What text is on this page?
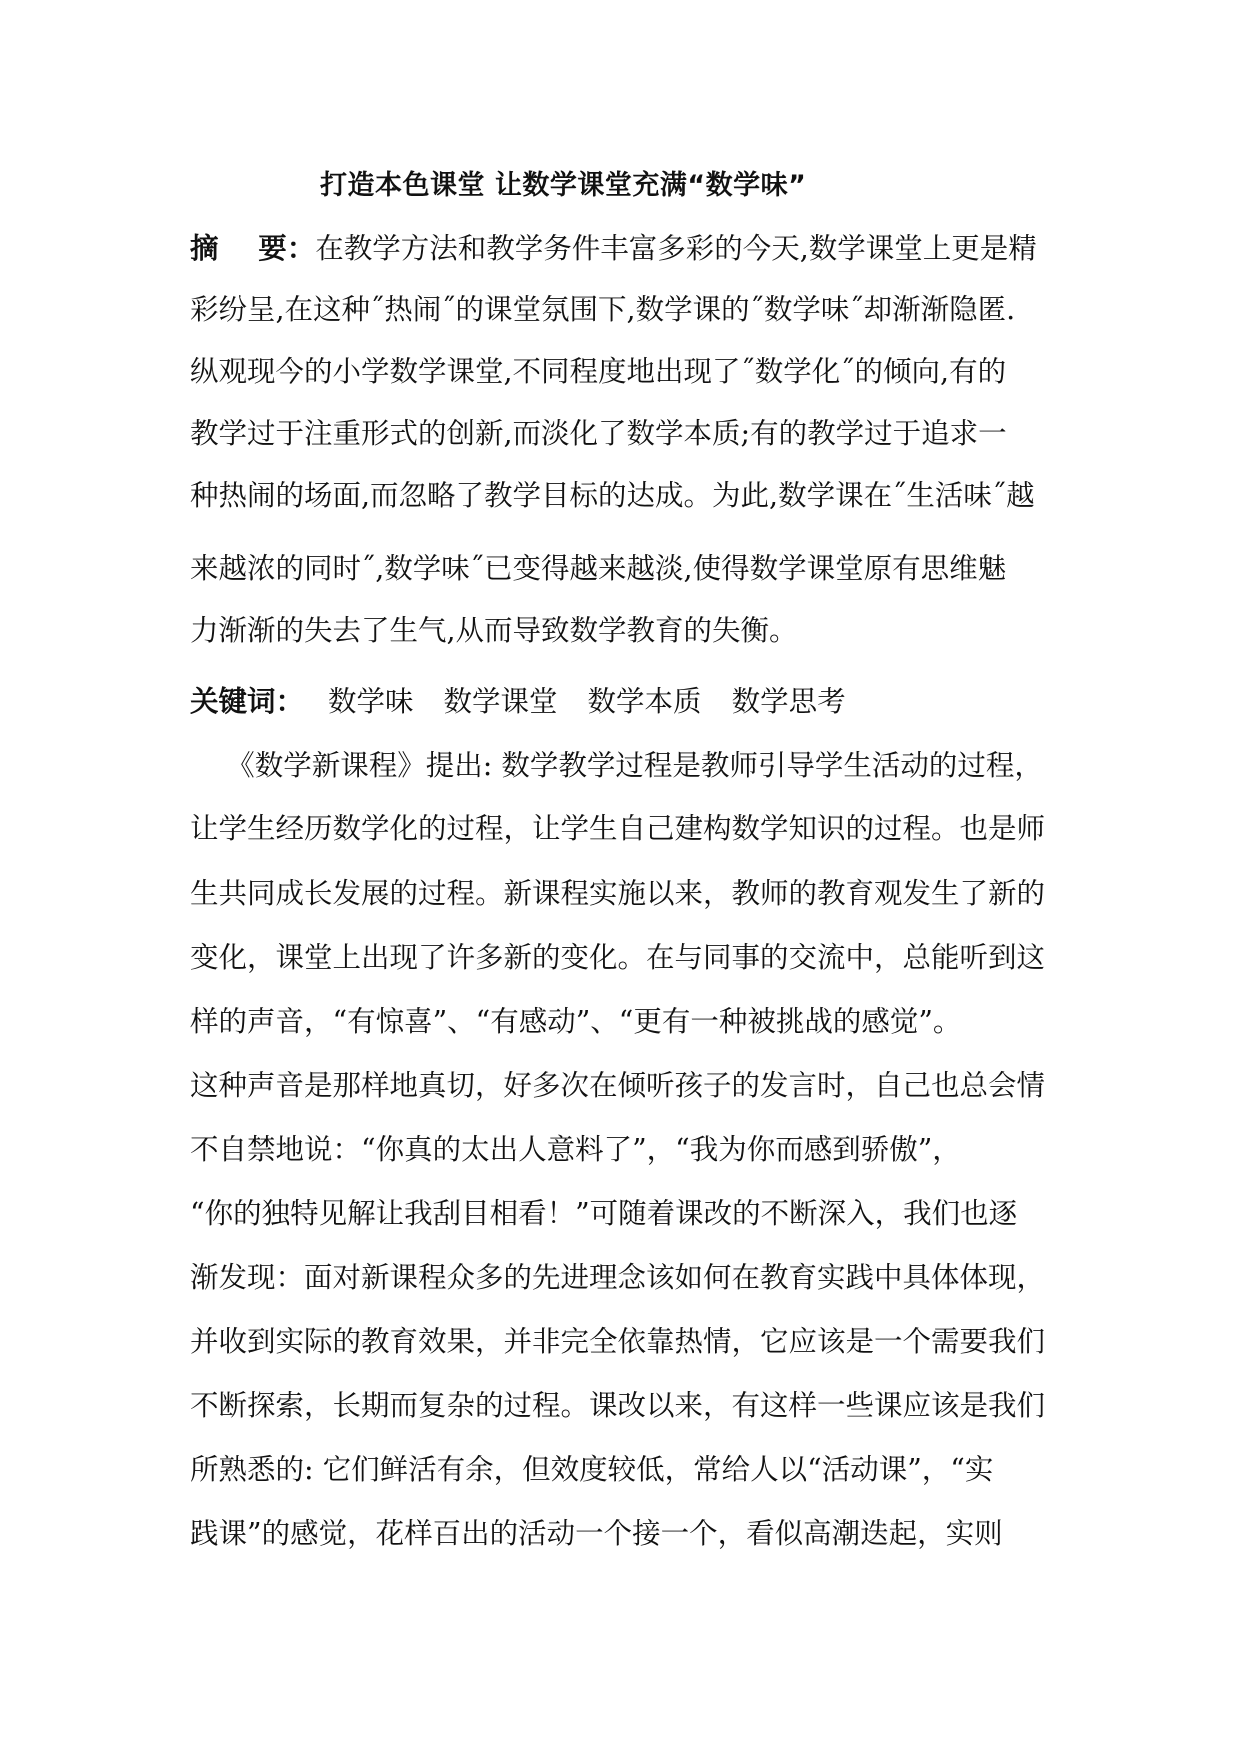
打造本色课堂 让数学课堂充满“数学味”
摘    要：在教学方法和教学务件丰富多彩的今天,数学课堂上更是精
彩纷呈,在这种˝热闹˝的课堂氛围下,数学课的˝数学味˝却渐渐隐匿.
纵观现今的小学数学课堂,不同程度地出现了˝数学化˝的倾向,有的
教学过于注重形式的创新,而淡化了数学本质;有的教学过于追求一
种热闹的场面,而忽略了教学目标的达成。为此,数学课在˝生活味˝越
来越浓的同时˝,数学味˝已变得越来越淡,使得数学课堂原有思维魅
力渐渐的失去了生气,从而导致数学教育的失衡。
关键词： 数学味 数学课堂 数学本质 数学思考
《数学新课程》提出: 数学教学过程是教师引导学生活动的过程，
让学生经历数学化的过程，让学生自己建构数学知识的过程。也是师
生共同成长发展的过程。新课程实施以来，教师的教育观发生了新的
变化，课堂上出现了许多新的变化。在与同事的交流中，总能听到这
样的声音，“有惊喜”、“有感动”、“更有一种被挑战的感觉”。
这种声音是那样地真切，好多次在倾听孩子的发言时，自己也总会情
不自禁地说：“你真的太出人意料了”，“我为你而感到骄傲”，
“你的独特见解让我刮目相看！”可随着课改的不断深入，我们也逐
渐发现：面对新课程众多的先进理念该如何在教育实践中具体体现，
并收到实际的教育效果，并非完全依靠热情，它应该是一个需要我们
不断探索，长期而复杂的过程。课改以来，有这样一些课应该是我们
所熟悉的: 它们鲜活有余，但效度较低，常给人以“活动课”，“实
践课”的感觉，花样百出的活动一个接一个，看似高潮迭起，实则
